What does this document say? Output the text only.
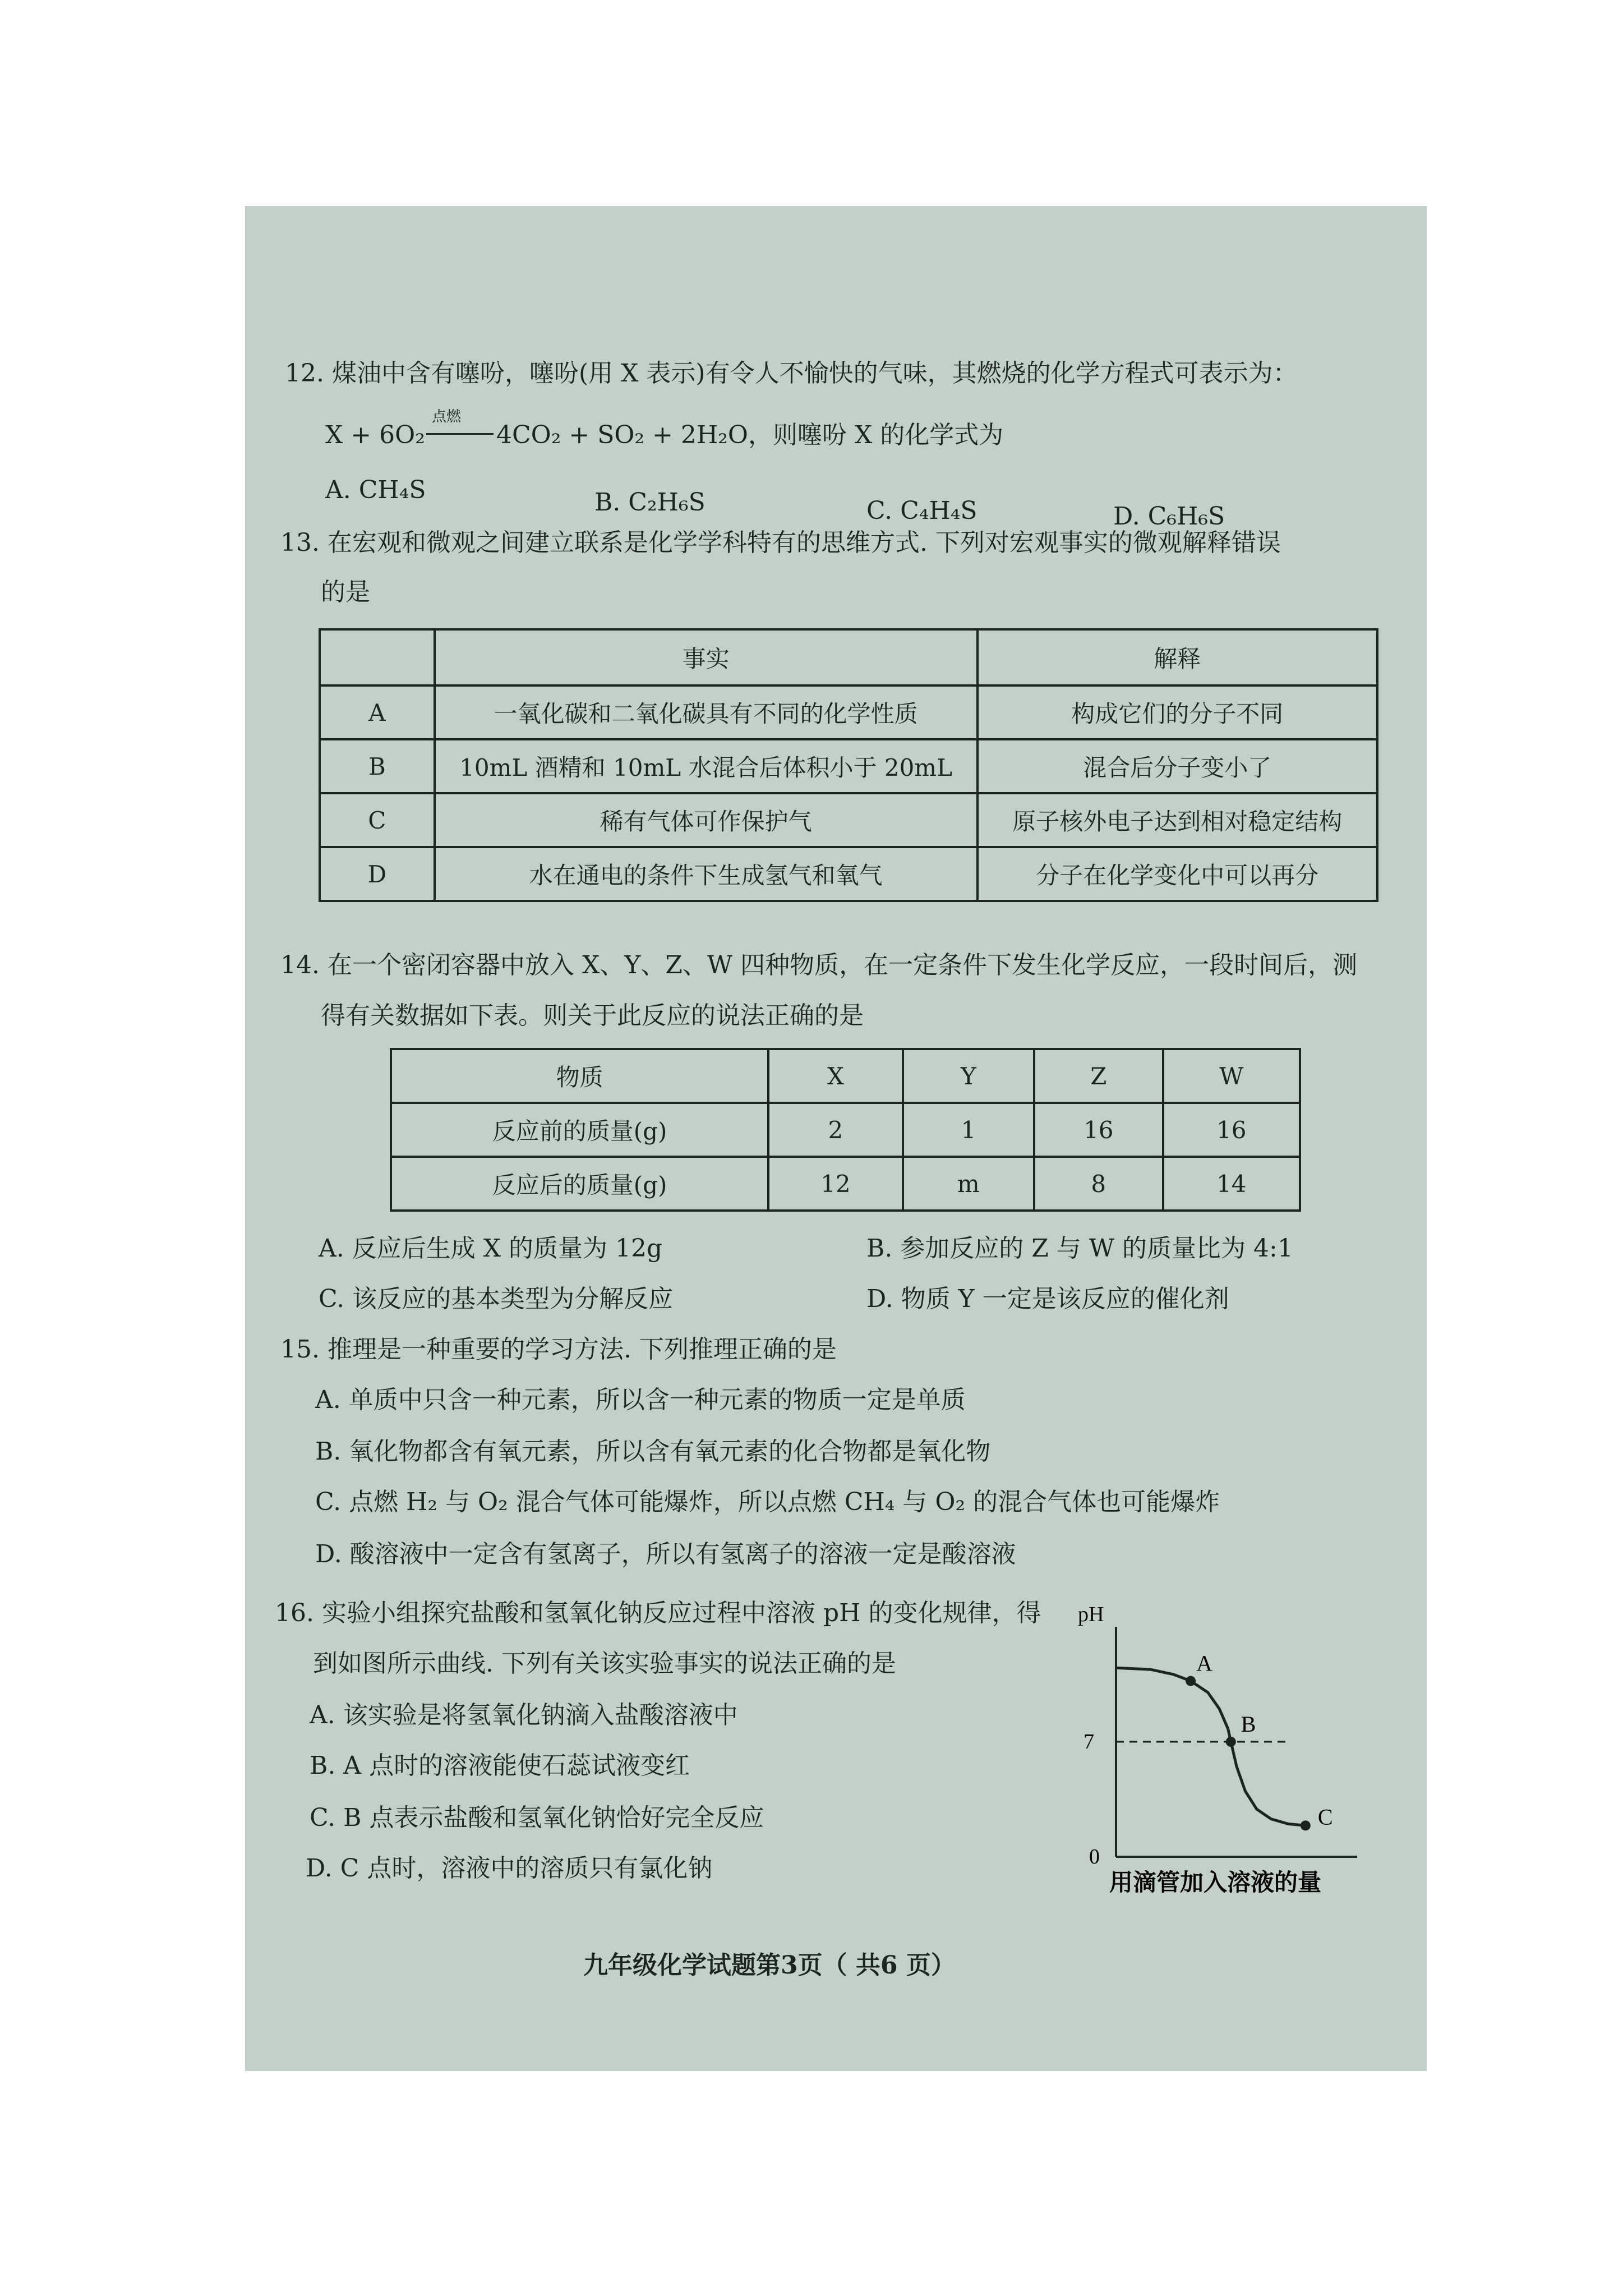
12. 煤油中含有噻吩，噻吩(用 X 表示)有令人不愉快的气味，其燃烧的化学方程式可表示为：
X + 6O₂
点燃
4CO₂ + SO₂ + 2H₂O，则噻吩 X 的化学式为
A. CH₄S	B. C₂H₆S	C. C₄H₄S	D. C₆H₆S
13. 在宏观和微观之间建立联系是化学学科特有的思维方式. 下列对宏观事实的微观解释错误
的是
	事实	解释
A	一氧化碳和二氧化碳具有不同的化学性质	构成它们的分子不同
B	10mL 酒精和 10mL 水混合后体积小于 20mL	混合后分子变小了
C	稀有气体可作保护气	原子核外电子达到相对稳定结构
D	水在通电的条件下生成氢气和氧气	分子在化学变化中可以再分
14. 在一个密闭容器中放入 X、Y、Z、W 四种物质，在一定条件下发生化学反应，一段时间后，测
得有关数据如下表。则关于此反应的说法正确的是
物质	X	Y	Z	W
反应前的质量(g)	2	1	16	16
反应后的质量(g)	12	m	8	14
A. 反应后生成 X 的质量为 12g	B. 参加反应的 Z 与 W 的质量比为 4:1
C. 该反应的基本类型为分解反应	D. 物质 Y 一定是该反应的催化剂
15. 推理是一种重要的学习方法. 下列推理正确的是
A. 单质中只含一种元素，所以含一种元素的物质一定是单质
B. 氧化物都含有氧元素，所以含有氧元素的化合物都是氧化物
C. 点燃 H₂ 与 O₂ 混合气体可能爆炸，所以点燃 CH₄ 与 O₂ 的混合气体也可能爆炸
D. 酸溶液中一定含有氢离子，所以有氢离子的溶液一定是酸溶液
16. 实验小组探究盐酸和氢氧化钠反应过程中溶液 pH 的变化规律，得
到如图所示曲线. 下列有关该实验事实的说法正确的是
A. 该实验是将氢氧化钠滴入盐酸溶液中
B. A 点时的溶液能使石蕊试液变红
C. B 点表示盐酸和氢氧化钠恰好完全反应
D. C 点时，溶液中的溶质只有氯化钠
A
B
C
pH
7
0
用滴管加入溶液的量
九年级化学试题第3页（ 共6 页）
